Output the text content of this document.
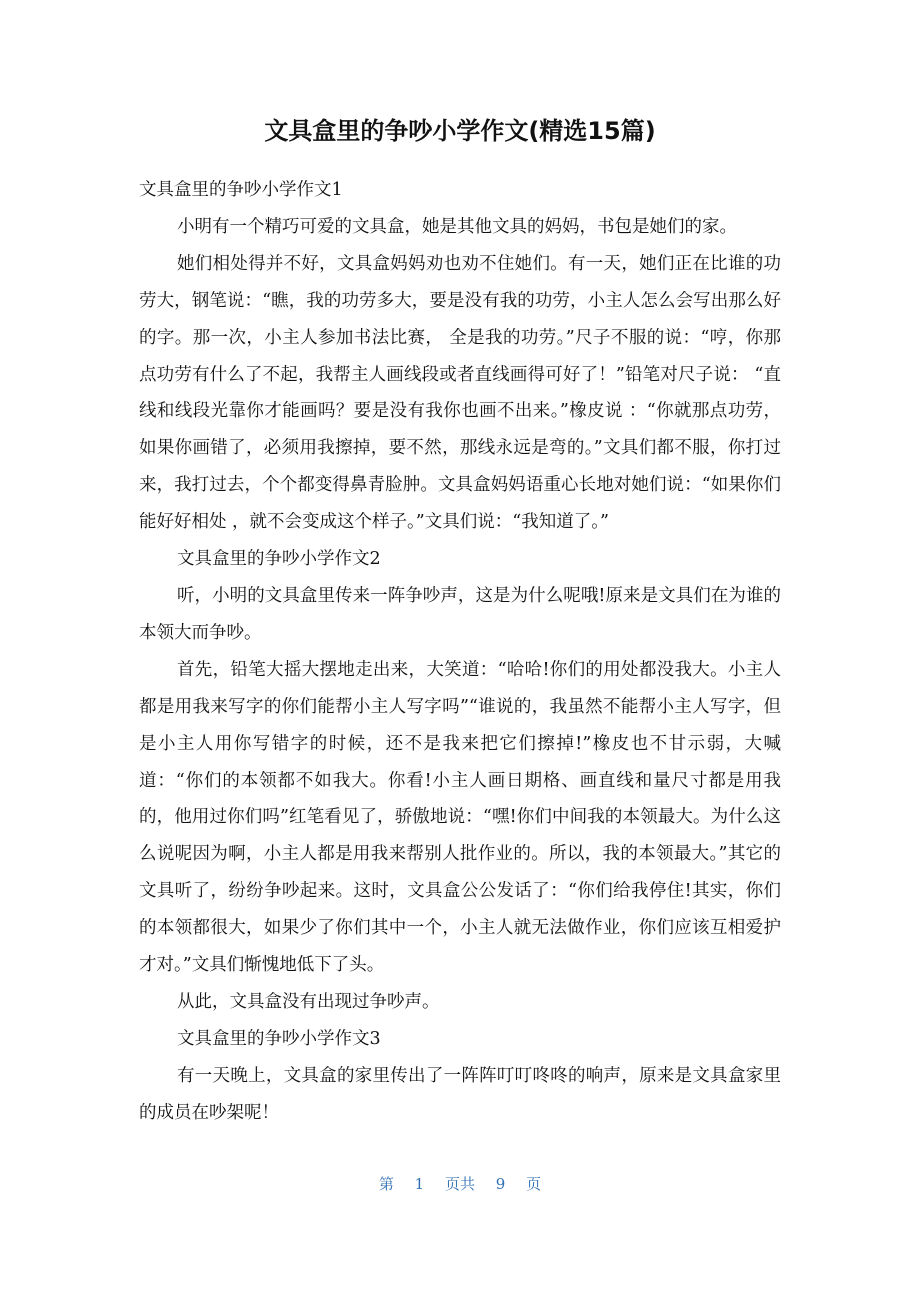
文具盒里的争吵小学作文(精选15篇)

文具盒里的争吵小学作文1

小明有一个精巧可爱的文具盒，她是其他文具的妈妈，书包是她们的家。

她们相处得并不好，文具盒妈妈劝也劝不住她们。有一天，她们正在比谁的功劳大，钢笔说：“瞧，我的功劳多大，要是没有我的功劳，小主人怎么会写出那么好的字。那一次，小主人参加书法比赛， 全是我的功劳。”尺子不服的说：“哼，你那点功劳有什么了不起，我帮主人画线段或者直线画得可好了！”铅笔对尺子说： “直线和线段光靠你才能画吗？要是没有我你也画不出来。”橡皮说 ：“你就那点功劳，如果你画错了，必须用我擦掉，要不然，那线永远是弯的。”文具们都不服，你打过来，我打过去，个个都变得鼻青脸肿。文具盒妈妈语重心长地对她们说：“如果你们能好好相处 ，就不会变成这个样子。”文具们说：“我知道了。”

文具盒里的争吵小学作文2

听，小明的文具盒里传来一阵争吵声，这是为什么呢哦!原来是文具们在为谁的本领大而争吵。

首先，铅笔大摇大摆地走出来，大笑道：“哈哈!你们的用处都没我大。小主人都是用我来写字的你们能帮小主人写字吗”“谁说的，我虽然不能帮小主人写字，但是小主人用你写错字的时候，还不是我来把它们擦掉!”橡皮也不甘示弱，大喊道：“你们的本领都不如我大。你看!小主人画日期格、画直线和量尺寸都是用我的，他用过你们吗”红笔看见了，骄傲地说：“嘿!你们中间我的本领最大。为什么这么说呢因为啊，小主人都是用我来帮别人批作业的。所以，我的本领最大。”其它的文具听了，纷纷争吵起来。这时，文具盒公公发话了：“你们给我停住!其实，你们的本领都很大，如果少了你们其中一个，小主人就无法做作业，你们应该互相爱护才对。”文具们惭愧地低下了头。

从此，文具盒没有出现过争吵声。

文具盒里的争吵小学作文3

有一天晚上，文具盒的家里传出了一阵阵叮叮咚咚的响声，原来是文具盒家里的成员在吵架呢！

第 1 页共 9 页
